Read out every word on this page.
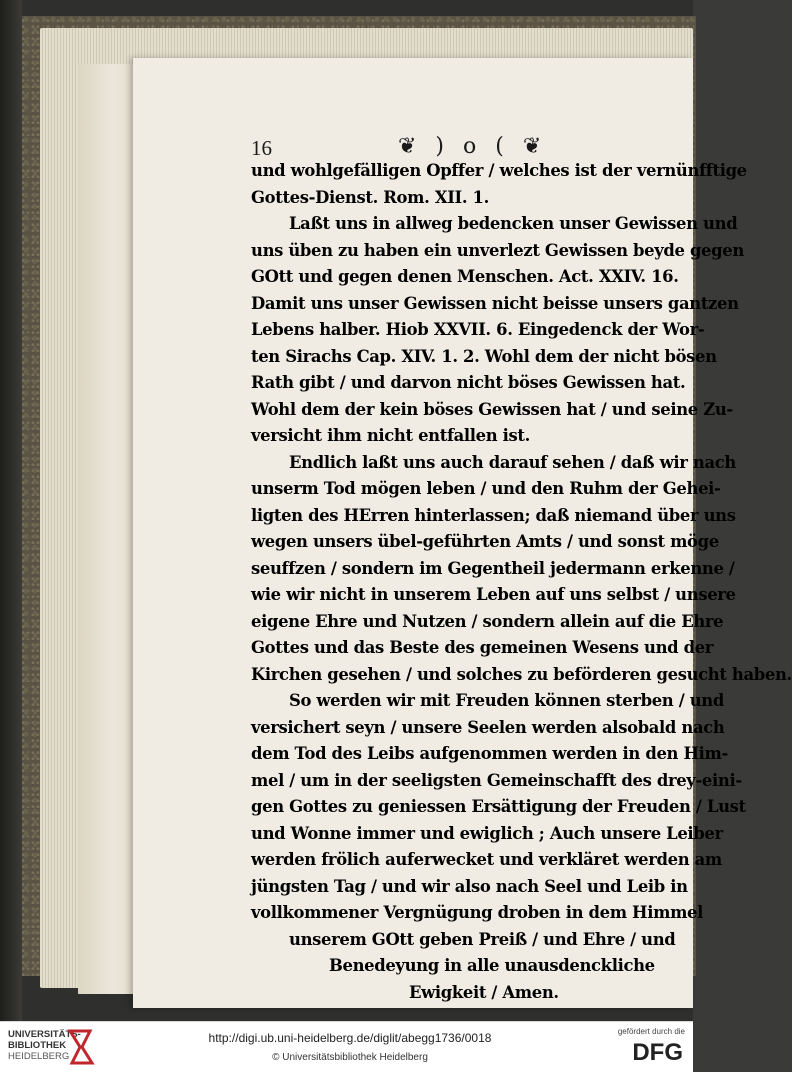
16	❦ ) o ( ❦
und wohlgefälligen Opffer / welches ist der vernünfftige
Gottes-Dienst. Rom. XII. 1.
Laßt uns in allweg bedencken unser Gewissen und
uns üben zu haben ein unverlezt Gewissen beyde gegen
GOtt und gegen denen Menschen. Act. XXIV. 16.
Damit uns unser Gewissen nicht beisse unsers gantzen
Lebens halber. Hiob XXVII. 6. Eingedenck der Wor-
ten Sirachs Cap. XIV. 1. 2. Wohl dem der nicht bösen
Rath gibt / und darvon nicht böses Gewissen hat.
Wohl dem der kein böses Gewissen hat / und seine Zu-
versicht ihm nicht entfallen ist.
Endlich laßt uns auch darauf sehen / daß wir nach
unserm Tod mögen leben / und den Ruhm der Gehei-
ligten des HErren hinterlassen; daß niemand über uns
wegen unsers übel-geführten Amts / und sonst möge
seuffzen / sondern im Gegentheil jedermann erkenne /
wie wir nicht in unserem Leben auf uns selbst / unsere
eigene Ehre und Nutzen / sondern allein auf die Ehre
Gottes und das Beste des gemeinen Wesens und der
Kirchen gesehen / und solches zu beförderen gesucht haben.
So werden wir mit Freuden können sterben / und
versichert seyn / unsere Seelen werden alsobald nach
dem Tod des Leibs aufgenommen werden in den Him-
mel / um in der seeligsten Gemeinschafft des drey-eini-
gen Gottes zu geniessen Ersättigung der Freuden / Lust
und Wonne immer und ewiglich ; Auch unsere Leiber
werden frölich auferwecket und verkläret werden am
jüngsten Tag / und wir also nach Seel und Leib in
vollkommener Vergnügung droben in dem Himmel
unserem GOtt geben Preiß / und Ehre / und
Benedeyung in alle unausdenckliche
Ewigkeit / Amen.
UNIVERSITÄTS-
BIBLIOTHEK
HEIDELBERG
http://digi.ub.uni-heidelberg.de/diglit/abegg1736/0018
© Universitätsbibliothek Heidelberg
gefördert durch die
DFG
